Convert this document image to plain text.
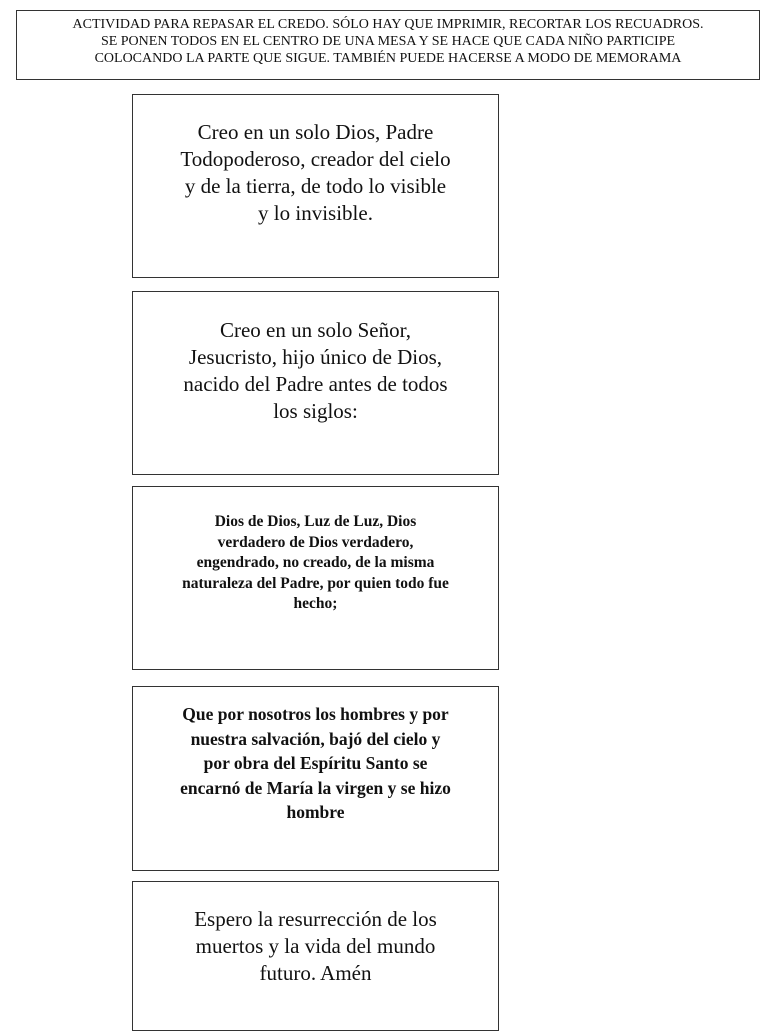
ACTIVIDAD PARA REPASAR EL CREDO. SÓLO HAY QUE IMPRIMIR, RECORTAR LOS RECUADROS.
SE PONEN TODOS EN EL CENTRO DE UNA MESA Y SE HACE QUE CADA NIÑO PARTICIPE
COLOCANDO LA PARTE QUE SIGUE. TAMBIÉN PUEDE HACERSE A MODO DE MEMORAMA
Creo en un solo Dios, Padre
Todopoderoso, creador del cielo
y de la tierra, de todo lo visible
y lo invisible.
Creo en un solo Señor,
Jesucristo, hijo único de Dios,
nacido del Padre antes de todos
los siglos:
Dios de Dios, Luz de Luz, Dios
verdadero de Dios verdadero,
engendrado, no creado, de la misma
naturaleza del Padre, por quien todo fue
hecho;
Que por nosotros los hombres y por
nuestra salvación, bajó del cielo y
por obra del Espíritu Santo se
encarnó de María la virgen y se hizo
hombre
Espero la resurrección de los
muertos y la vida del mundo
futuro. Amén
